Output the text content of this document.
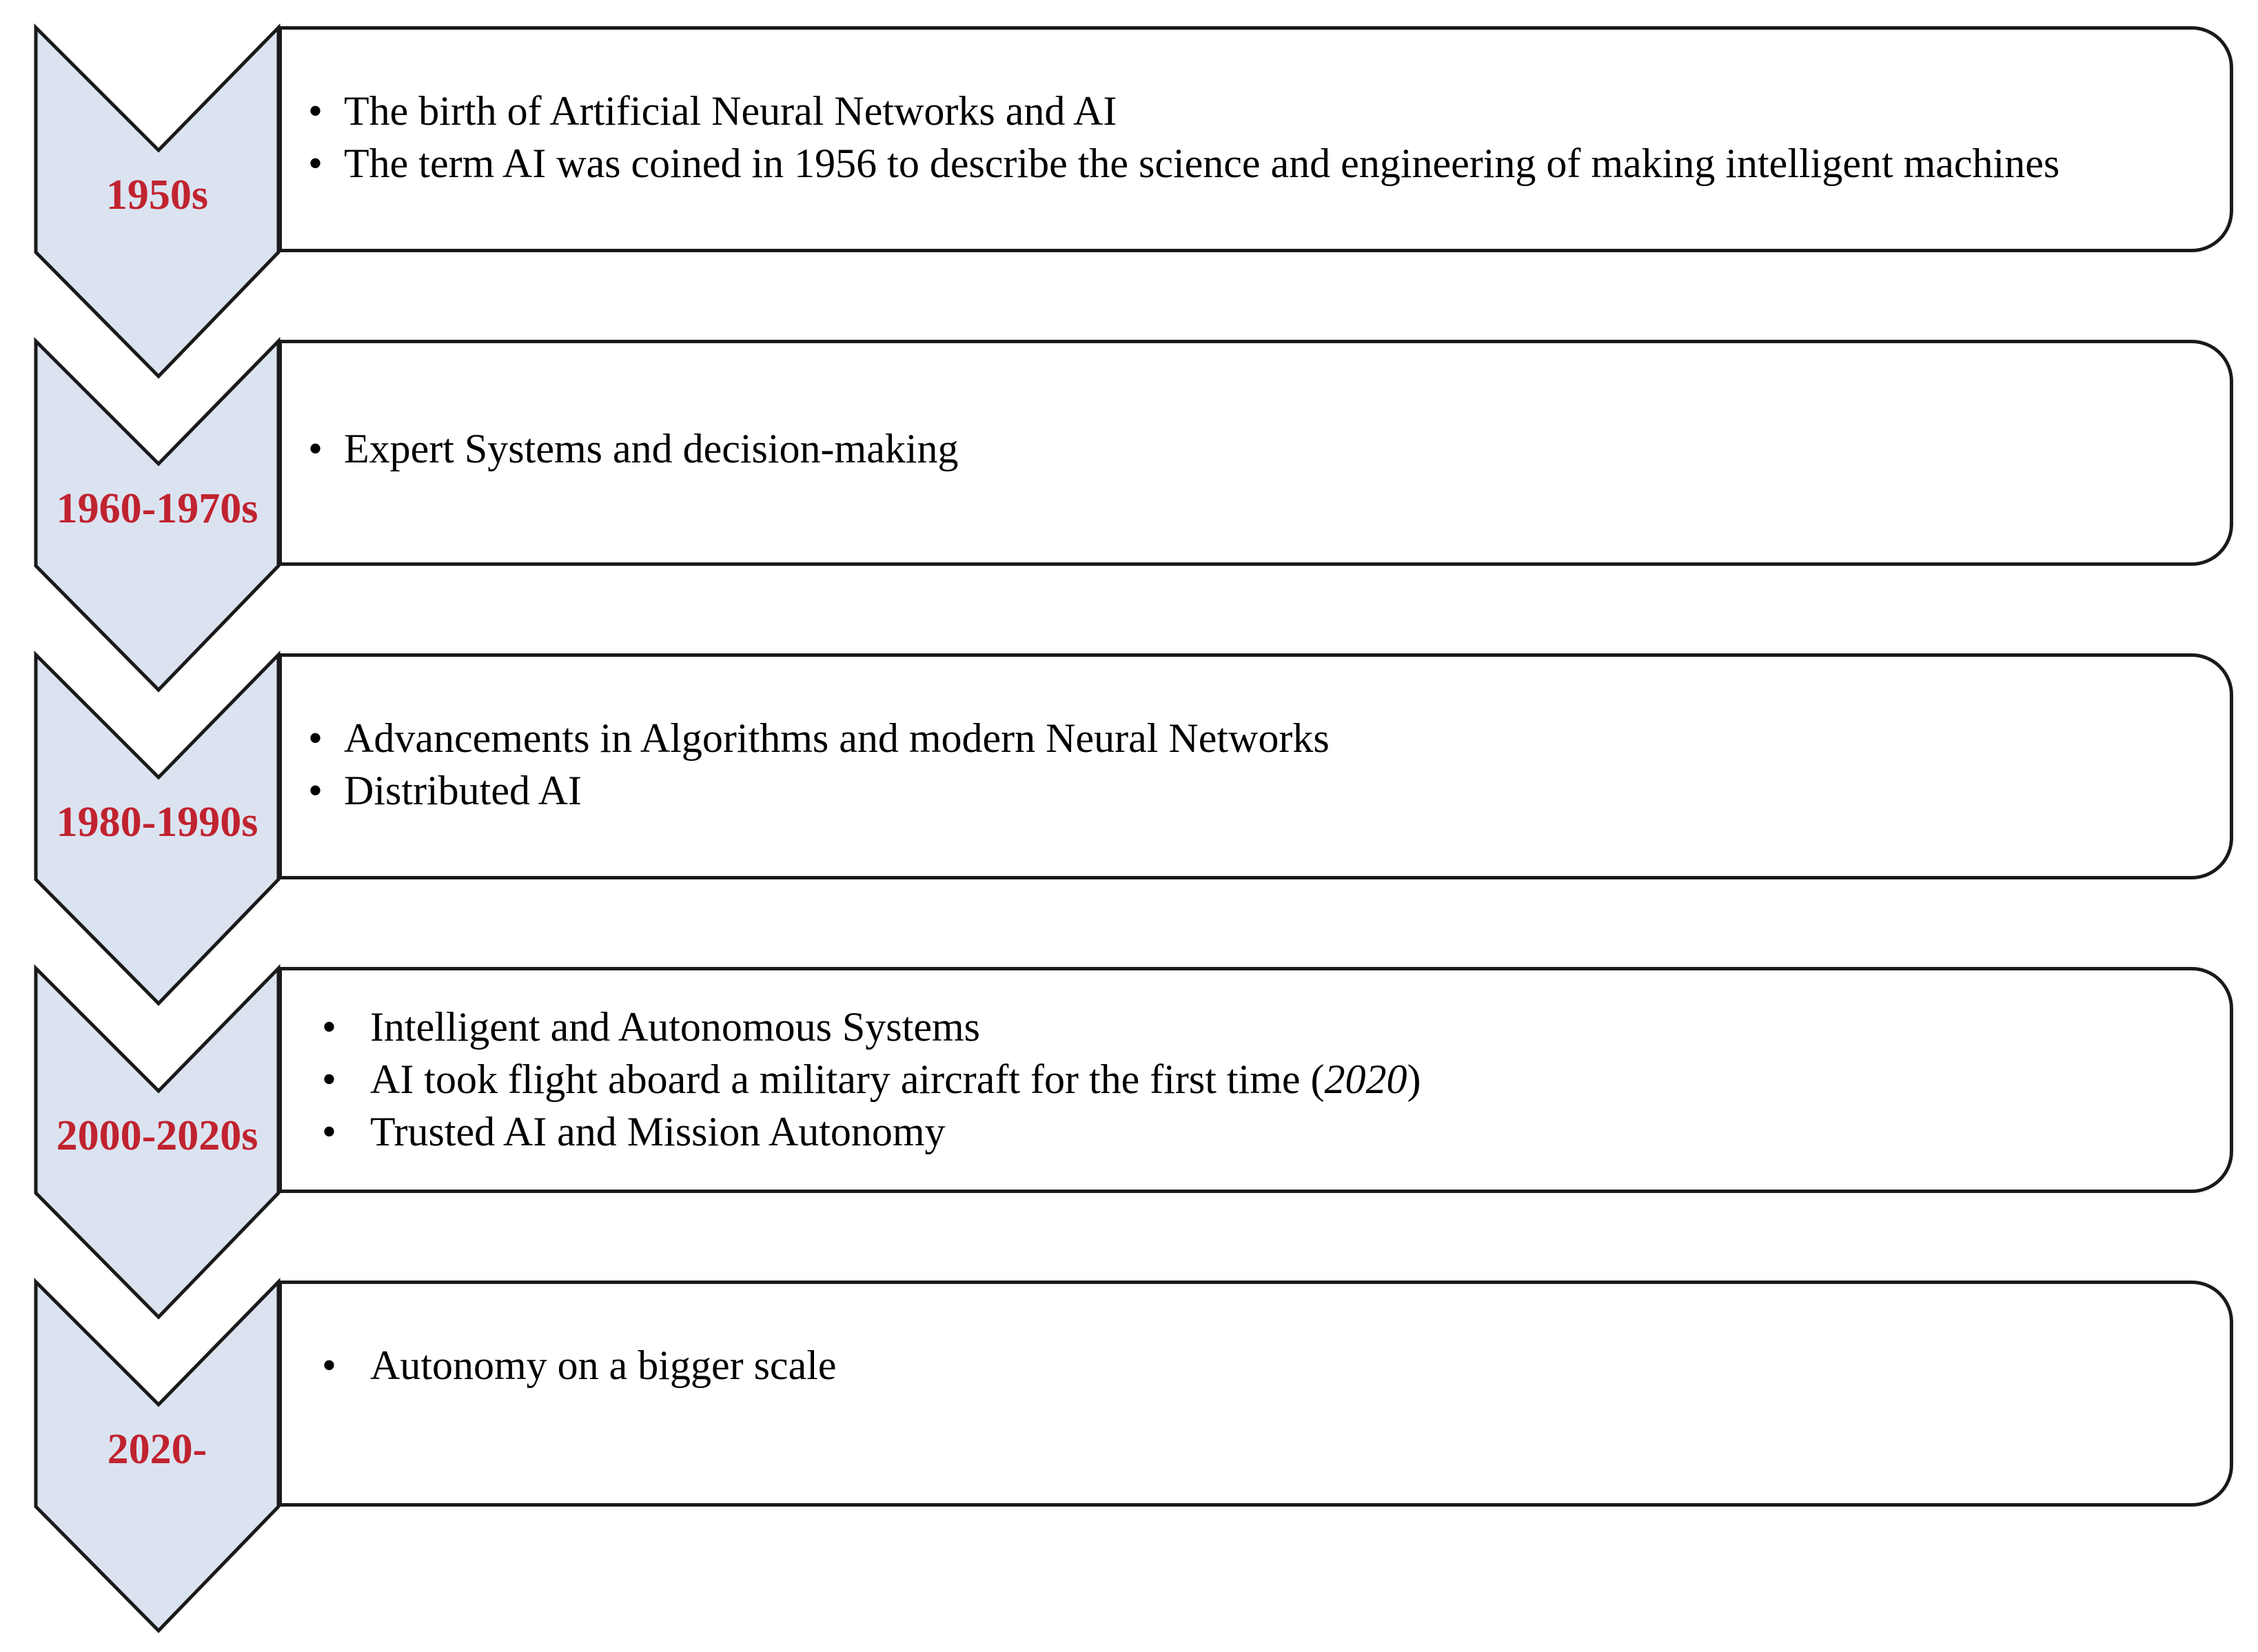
• The birth of Artificial Neural Networks and AI
• The term AI was coined in 1956 to describe the science and engineering of making intelligent machines
1950s
• Expert Systems and decision-making
1960-1970s
• Advancements in Algorithms and modern Neural Networks
• Distributed AI
1980-1990s
• Intelligent and Autonomous Systems
• AI took flight aboard a military aircraft for the first time (2020)
• Trusted AI and Mission Autonomy
2000-2020s
• Autonomy on a bigger scale
2020-
